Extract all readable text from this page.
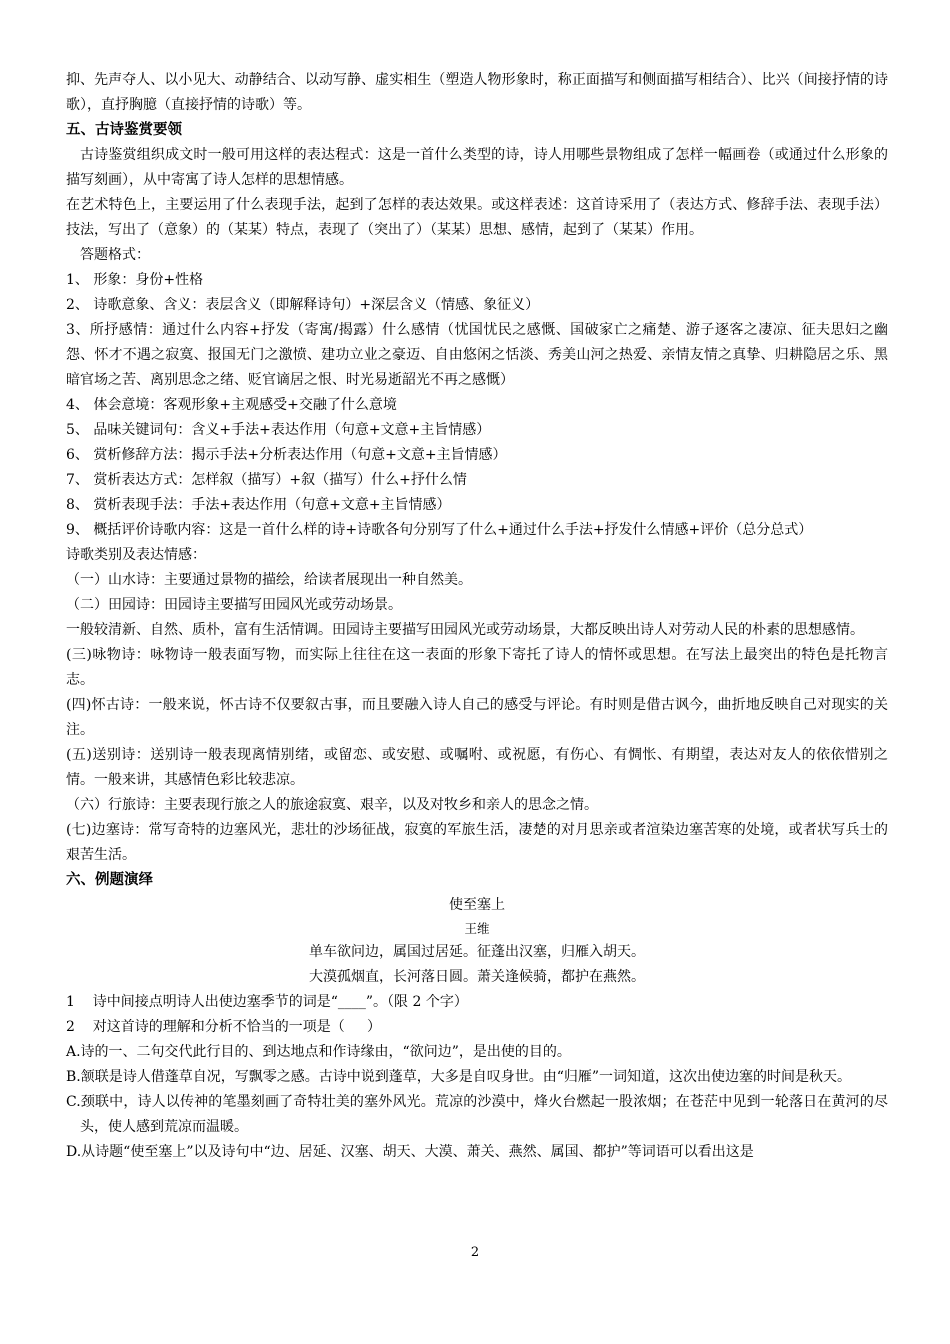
抑、先声夺人、以小见大、动静结合、以动写静、虚实相生（塑造人物形象时，称正面描写和侧面描写相结合）、比兴（间接抒情的诗歌），直抒胸臆（直接抒情的诗歌）等。

五、古诗鉴赏要领

古诗鉴赏组织成文时一般可用这样的表达程式：这是一首什么类型的诗，诗人用哪些景物组成了怎样一幅画卷（或通过什么形象的描写刻画），从中寄寓了诗人怎样的思想情感。

在艺术特色上，主要运用了什么表现手法，起到了怎样的表达效果。或这样表述：这首诗采用了（表达方式、修辞手法、表现手法）技法，写出了（意象）的（某某）特点，表现了（突出了）（某某）思想、感情，起到了（某某）作用。

答题格式：

1、 形象：身份+性格

2、 诗歌意象、含义：表层含义（即解释诗句）+深层含义（情感、象征义）

3、所抒感情：通过什么内容+抒发（寄寓/揭露）什么感情（忧国忧民之感慨、国破家亡之痛楚、游子逐客之凄凉、征夫思妇之幽怨、怀才不遇之寂寞、报国无门之激愤、建功立业之豪迈、自由悠闲之恬淡、秀美山河之热爱、亲情友情之真挚、归耕隐居之乐、黑暗官场之苦、离别思念之绪、贬官谪居之恨、时光易逝韶光不再之感慨）

4、 体会意境：客观形象+主观感受+交融了什么意境

5、 品味关键词句：含义+手法+表达作用（句意+文意+主旨情感）

6、 赏析修辞方法：揭示手法+分析表达作用（句意+文意+主旨情感）

7、 赏析表达方式：怎样叙（描写）+叙（描写）什么+抒什么情

8、 赏析表现手法：手法+表达作用（句意+文意+主旨情感）

9、 概括评价诗歌内容：这是一首什么样的诗+诗歌各句分别写了什么+通过什么手法+抒发什么情感+评价（总分总式）

诗歌类别及表达情感：

（一）山水诗：主要通过景物的描绘，给读者展现出一种自然美。

（二）田园诗：田园诗主要描写田园风光或劳动场景。

一般较清新、自然、质朴，富有生活情调。田园诗主要描写田园风光或劳动场景，大都反映出诗人对劳动人民的朴素的思想感情。

(三)咏物诗：咏物诗一般表面写物，而实际上往往在这一表面的形象下寄托了诗人的情怀或思想。在写法上最突出的特色是托物言志。

(四)怀古诗：一般来说，怀古诗不仅要叙古事，而且要融入诗人自己的感受与评论。有时则是借古讽今，曲折地反映自己对现实的关注。

(五)送别诗：送别诗一般表现离情别绪，或留恋、或安慰、或嘱咐、或祝愿，有伤心、有惆怅、有期望，表达对友人的依依惜别之情。一般来讲，其感情色彩比较悲凉。

（六）行旅诗：主要表现行旅之人的旅途寂寞、艰辛，以及对牧乡和亲人的思念之情。

(七)边塞诗：常写奇特的边塞风光，悲壮的沙场征战，寂寞的军旅生活，凄楚的对月思亲或者渲染边塞苦寒的处境，或者状写兵士的艰苦生活。

六、例题演绎

使至塞上

王维

单车欲问边，属国过居延。征蓬出汉塞，归雁入胡天。

大漠孤烟直，长河落日圆。萧关逢候骑，都护在燕然。

1    诗中间接点明诗人出使边塞季节的词是“____”。（限 2 个字）

2    对这首诗的理解和分析不恰当的一项是（     ）

A.诗的一、二句交代此行目的、到达地点和作诗缘由，“欲问边”，是出使的目的。

B.颔联是诗人借蓬草自况，写飘零之感。古诗中说到蓬草，大多是自叹身世。由“归雁”一词知道，这次出使边塞的时间是秋天。

C.颈联中，诗人以传神的笔墨刻画了奇特壮美的塞外风光。荒凉的沙漠中，烽火台燃起一股浓烟；在苍茫中见到一轮落日在黄河的尽头，使人感到荒凉而温暖。

D.从诗题“使至塞上”以及诗句中“边、居延、汉塞、胡天、大漠、萧关、燕然、属国、都护”等词语可以看出这是

2
